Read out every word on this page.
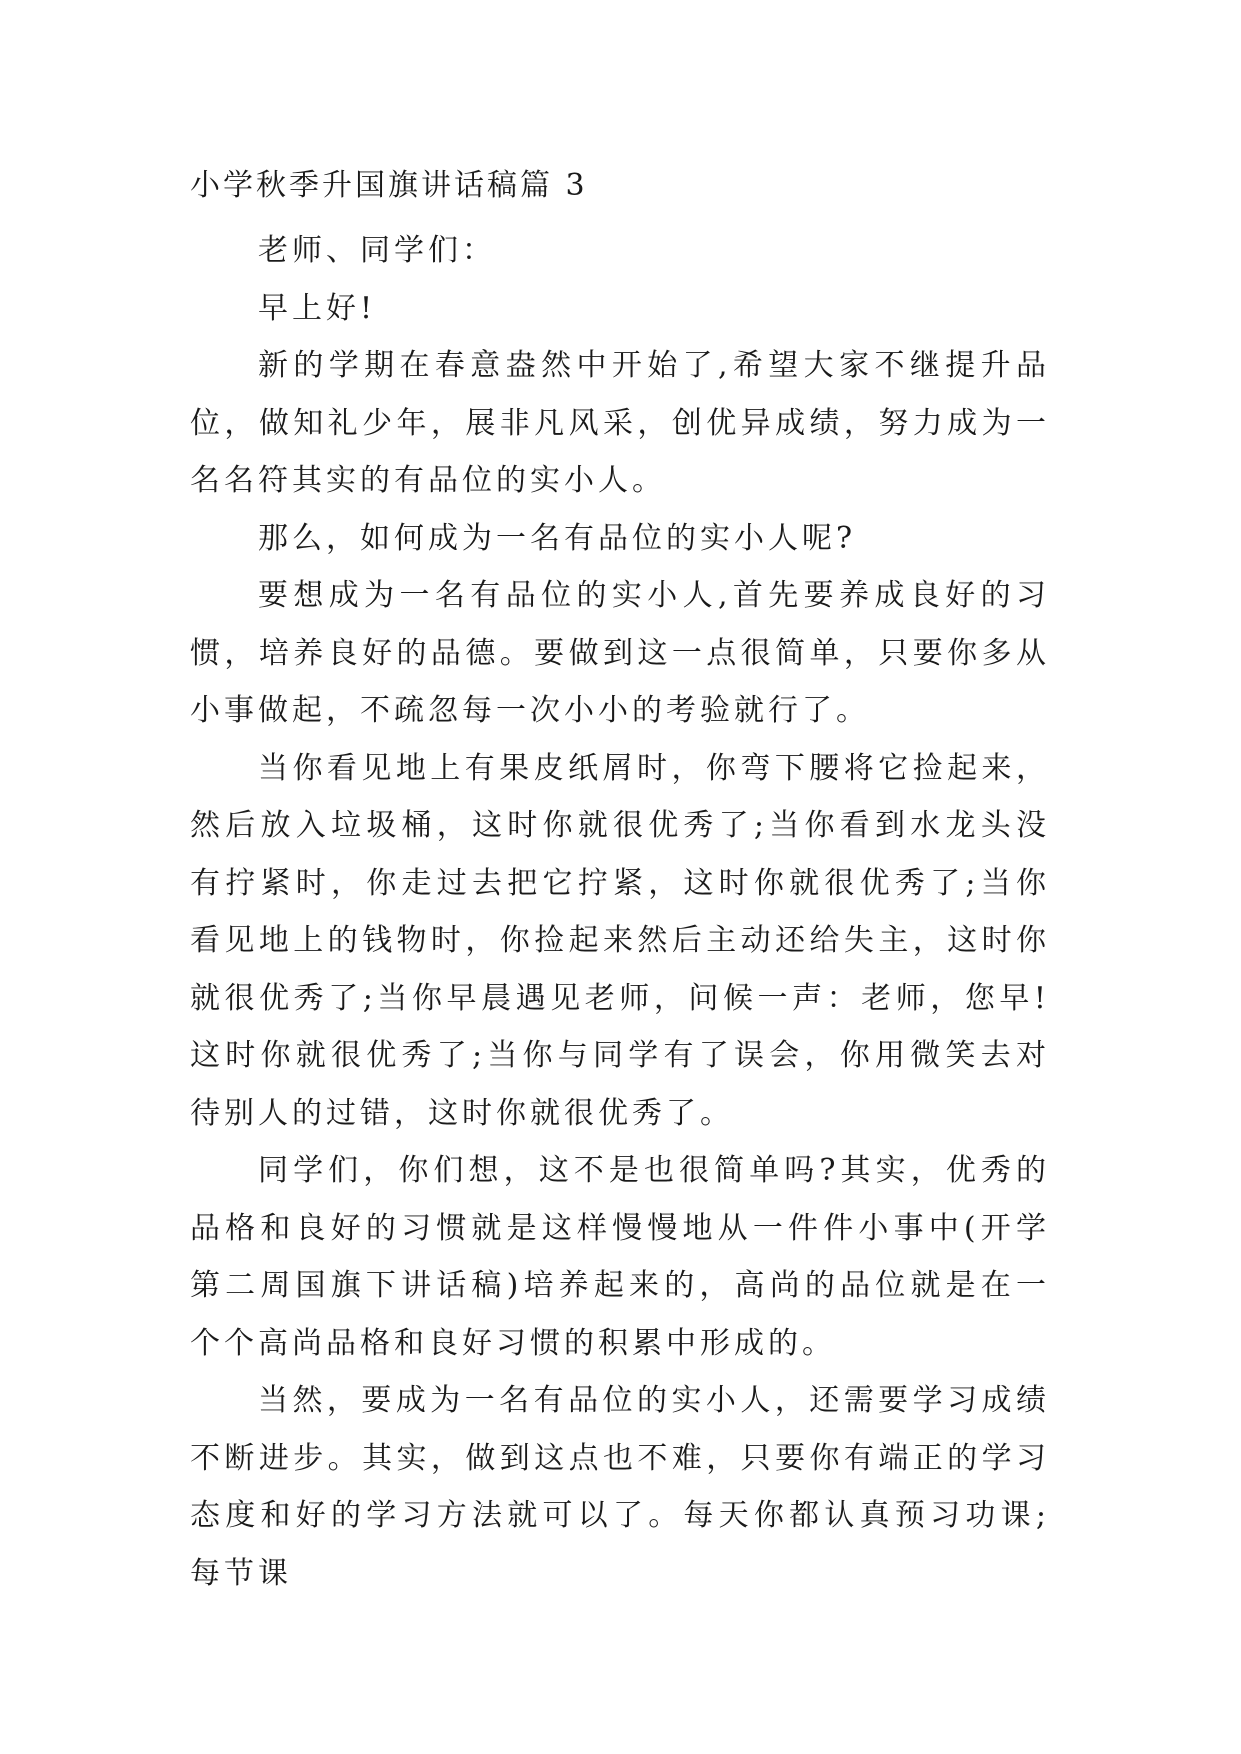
小学秋季升国旗讲话稿篇 3

老师、同学们：

早上好!

新的学期在春意盎然中开始了,希望大家不继提升品位，做知礼少年，展非凡风采，创优异成绩，努力成为一名名符其实的有品位的实小人。

那么，如何成为一名有品位的实小人呢?

要想成为一名有品位的实小人,首先要养成良好的习惯，培养良好的品德。要做到这一点很简单，只要你多从小事做起，不疏忽每一次小小的考验就行了。

当你看见地上有果皮纸屑时，你弯下腰将它捡起来，然后放入垃圾桶，这时你就很优秀了;当你看到水龙头没有拧紧时，你走过去把它拧紧，这时你就很优秀了;当你看见地上的钱物时，你捡起来然后主动还给失主，这时你就很优秀了;当你早晨遇见老师，问候一声：老师，您早!这时你就很优秀了;当你与同学有了误会，你用微笑去对待别人的过错，这时你就很优秀了。

同学们，你们想，这不是也很简单吗?其实，优秀的品格和良好的习惯就是这样慢慢地从一件件小事中(开学第二周国旗下讲话稿)培养起来的，高尚的品位就是在一个个高尚品格和良好习惯的积累中形成的。

当然，要成为一名有品位的实小人，还需要学习成绩不断进步。其实，做到这点也不难，只要你有端正的学习态度和好的学习方法就可以了。每天你都认真预习功课;每节课
